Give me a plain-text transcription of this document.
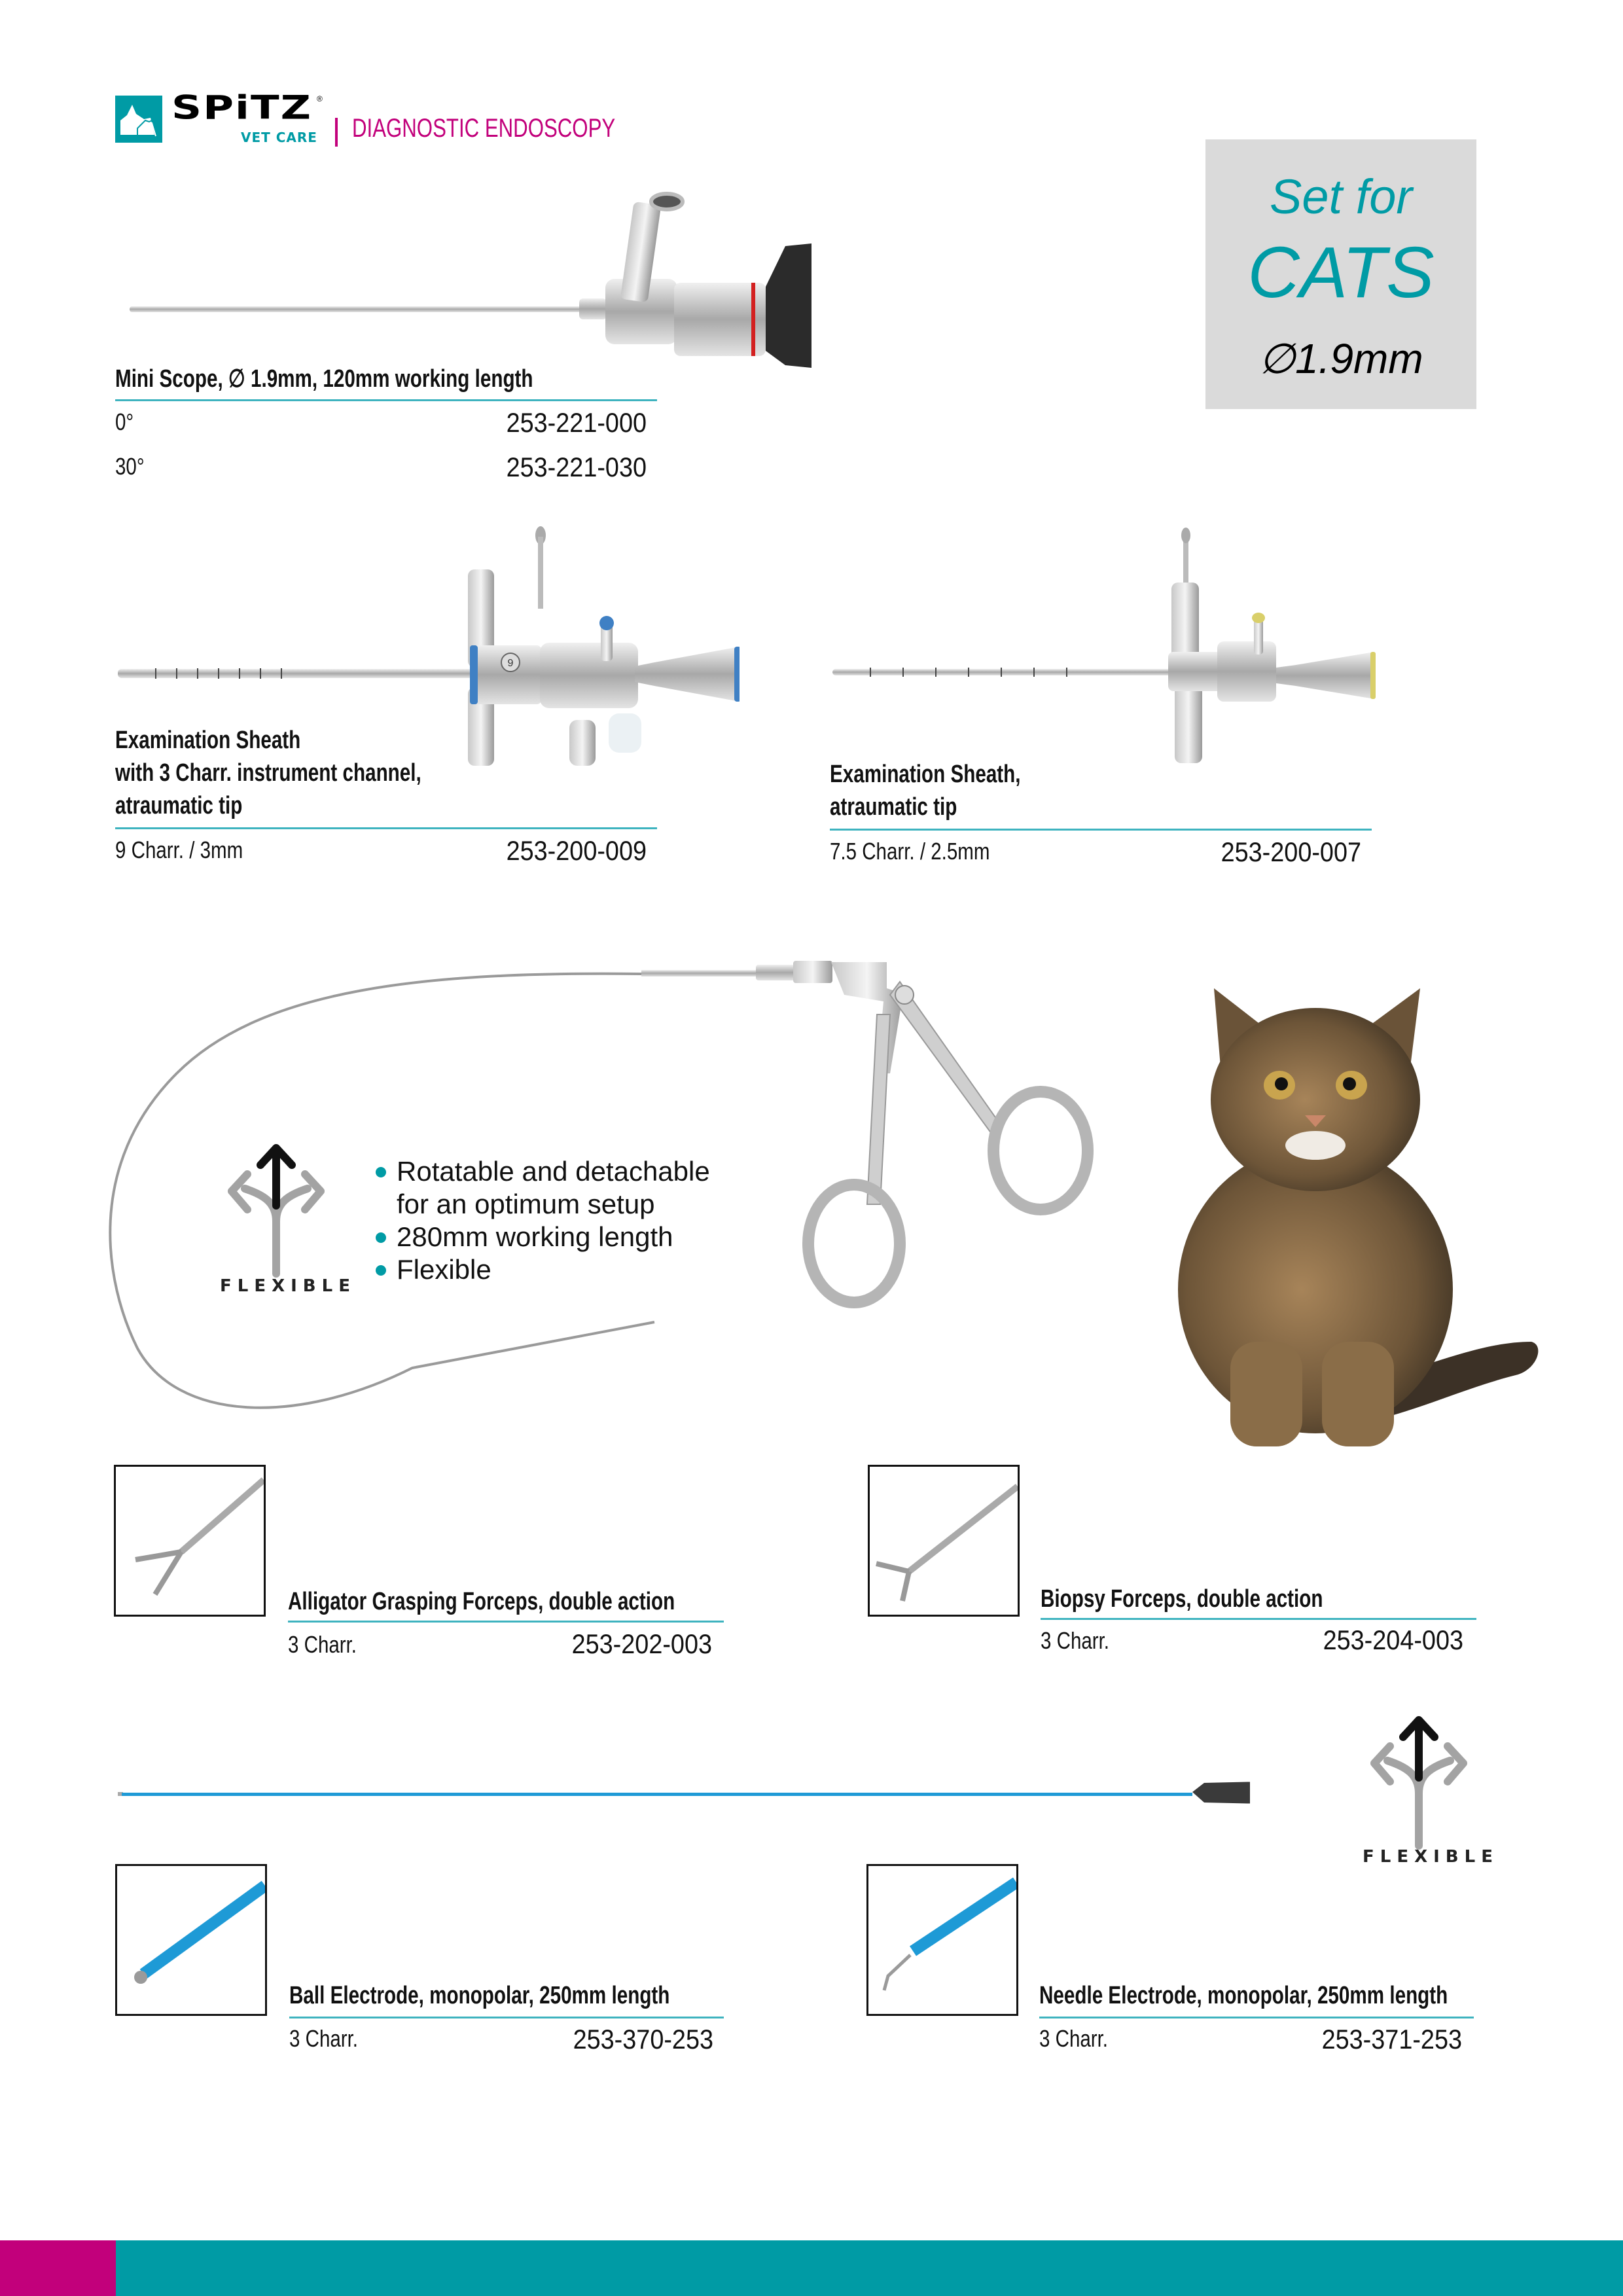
SPiTZ ®
VET CARE DIAGNOSTIC ENDOSCOPY
Set for
CATS
∅1.9mm
Mini Scope, ∅ 1.9mm, 120mm working length
0°	253-221-000
30°	253-221-030
9
Examination Sheath
with 3 Charr. instrument channel,
atraumatic tip
9 Charr. / 3mm	253-200-009
Examination Sheath,
atraumatic tip
7.5 Charr. / 2.5mm	253-200-007
FLEXIBLE
Rotatable and detachable
for an optimum setup
280mm working length
Flexible
Alligator Grasping Forceps, double action
3 Charr.	253-202-003
Biopsy Forceps, double action
3 Charr.	253-204-003
FLEXIBLE
Ball Electrode, monopolar, 250mm length
3 Charr.	253-370-253
Needle Electrode, monopolar, 250mm length
3 Charr.	253-371-253
